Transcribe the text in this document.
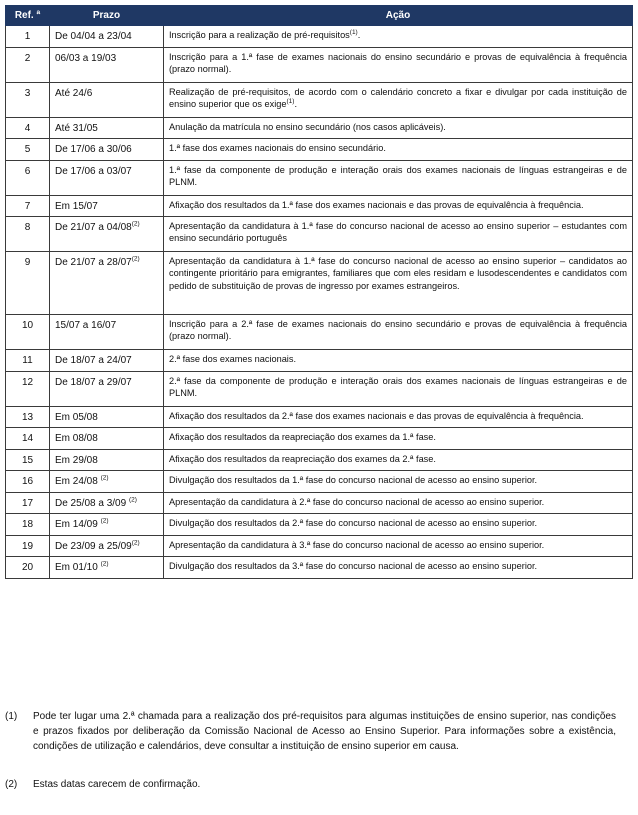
Ref. ª	Prazo	Ação
1	De 04/04 a 23/04	Inscrição para a realização de pré-requisitos$^{(1)}$.
2	06/03 a 19/03	Inscrição para a 1.ª fase de exames nacionais do ensino secundário e provas de equivalência à frequência (prazo normal).
3	Até 24/6	Realização de pré-requisitos, de acordo com o calendário concreto a fixar e divulgar por cada instituição de ensino superior que os exige$^{(1)}$.
4	Até 31/05	Anulação da matrícula no ensino secundário (nos casos aplicáveis).
5	De 17/06 a 30/06	1.ª fase dos exames nacionais do ensino secundário.
6	De 17/06 a 03/07	1.ª fase da componente de produção e interação orais dos exames nacionais de línguas estrangeiras e de PLNM.
7	Em 15/07	Afixação dos resultados da 1.ª fase dos exames nacionais e das provas de equivalência à frequência.
8	De 21/07 a 04/08$^{(2)}$	Apresentação da candidatura à 1.ª fase do concurso nacional de acesso ao ensino superior – estudantes com ensino secundário português
9	De 21/07 a 28/07$^{(2)}$	Apresentação da candidatura à 1.ª fase do concurso nacional de acesso ao ensino superior – candidatos ao contingente prioritário para emigrantes, familiares que com eles residam e lusodescendentes e candidatos com pedido de substituição de provas de ingresso por exames estrangeiros.
10	15/07 a 16/07	Inscrição para a 2.ª fase de exames nacionais do ensino secundário e provas de equivalência à frequência (prazo normal).
11	De 18/07 a 24/07	2.ª fase dos exames nacionais.
12	De 18/07 a 29/07	2.ª fase da componente de produção e interação orais dos exames nacionais de línguas estrangeiras e de PLNM.
13	Em 05/08	Afixação dos resultados da 2.ª fase dos exames nacionais e das provas de equivalência à frequência.
14	Em 08/08	Afixação dos resultados da reapreciação dos exames da 1.ª fase.
15	Em 29/08	Afixação dos resultados da reapreciação dos exames da 2.ª fase.
16	Em 24/08 $^{(2)}$	Divulgação dos resultados da 1.ª fase do concurso nacional de acesso ao ensino superior.
17	De 25/08 a 3/09 $^{(2)}$	Apresentação da candidatura à 2.ª fase do concurso nacional de acesso ao ensino superior.
18	Em 14/09 $^{(2)}$	Divulgação dos resultados da 2.ª fase do concurso nacional de acesso ao ensino superior.
19	De 23/09 a 25/09$^{(2)}$	Apresentação da candidatura à 3.ª fase do concurso nacional de acesso ao ensino superior.
20	Em 01/10 $^{(2)}$	Divulgação dos resultados da 3.ª fase do concurso nacional de acesso ao ensino superior.
(1)	Pode ter lugar uma 2.ª chamada para a realização dos pré-requisitos para algumas instituições de ensino superior, nas condições e prazos fixados por deliberação da Comissão Nacional de Acesso ao Ensino Superior. Para informações sobre a existência, condições de utilização e calendários, deve consultar a instituição de ensino superior em causa.
(2)	Estas datas carecem de confirmação.
